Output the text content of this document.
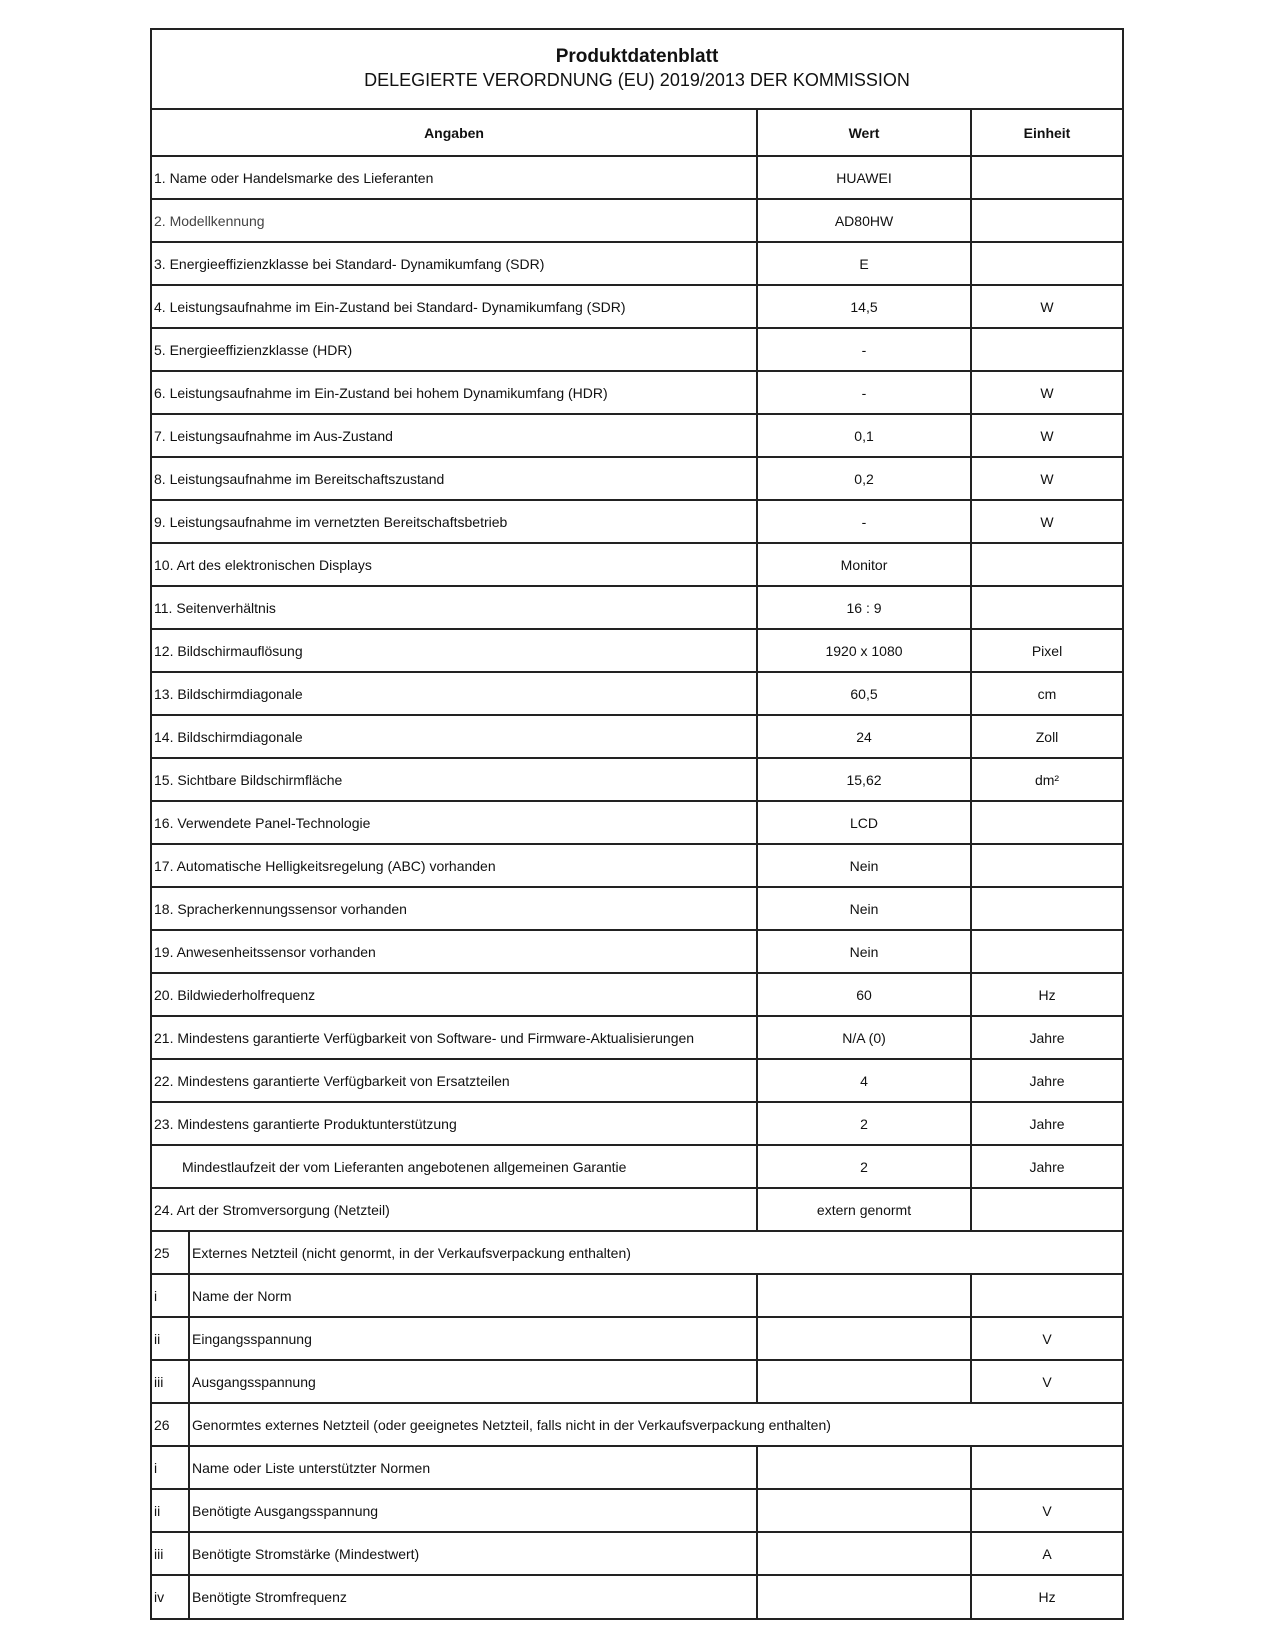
Produktdatenblatt
DELEGIERTE VERORDNUNG (EU) 2019/2013 DER KOMMISSION
Angaben		Wert	Einheit
1. Name oder Handelsmarke des Lieferanten		HUAWEI	
2. Modellkennung		AD80HW	
3. Energieeffizienzklasse bei Standard- Dynamikumfang (SDR)		E	
4. Leistungsaufnahme im Ein-Zustand bei Standard- Dynamikumfang (SDR)		14,5	W
5. Energieeffizienzklasse (HDR)		-	
6. Leistungsaufnahme im Ein-Zustand bei hohem Dynamikumfang (HDR)		-	W
7. Leistungsaufnahme im Aus-Zustand		0,1	W
8. Leistungsaufnahme im Bereitschaftszustand		0,2	W
9. Leistungsaufnahme im vernetzten Bereitschaftsbetrieb		-	W
10. Art des elektronischen Displays		Monitor	
11. Seitenverhältnis		16 : 9	
12. Bildschirmauflösung		1920 x 1080	Pixel
13. Bildschirmdiagonale		60,5	cm
14. Bildschirmdiagonale		24	Zoll
15. Sichtbare Bildschirmfläche		15,62	dm²
16. Verwendete Panel-Technologie		LCD	
17. Automatische Helligkeitsregelung (ABC) vorhanden		Nein	
18. Spracherkennungssensor vorhanden		Nein	
19. Anwesenheitssensor vorhanden		Nein	
20. Bildwiederholfrequenz		60	Hz
21. Mindestens garantierte Verfügbarkeit von Software- und Firmware-Aktualisierungen		N/A (0)	Jahre
22. Mindestens garantierte Verfügbarkeit von Ersatzteilen		4	Jahre
23. Mindestens garantierte Produktunterstützung		2	Jahre
Mindestlaufzeit der vom Lieferanten angebotenen allgemeinen Garantie		2	Jahre
24. Art der Stromversorgung (Netzteil)		extern genormt	
25	Externes Netzteil (nicht genormt, in der Verkaufsverpackung enthalten)		
i	Name der Norm		
ii	Eingangsspannung		V
iii	Ausgangsspannung		V
26	Genormtes externes Netzteil (oder geeignetes Netzteil, falls nicht in der Verkaufsverpackung enthalten)		
i	Name oder Liste unterstützter Normen		
ii	Benötigte Ausgangsspannung		V
iii	Benötigte Stromstärke (Mindestwert)		A
iv	Benötigte Stromfrequenz		Hz
